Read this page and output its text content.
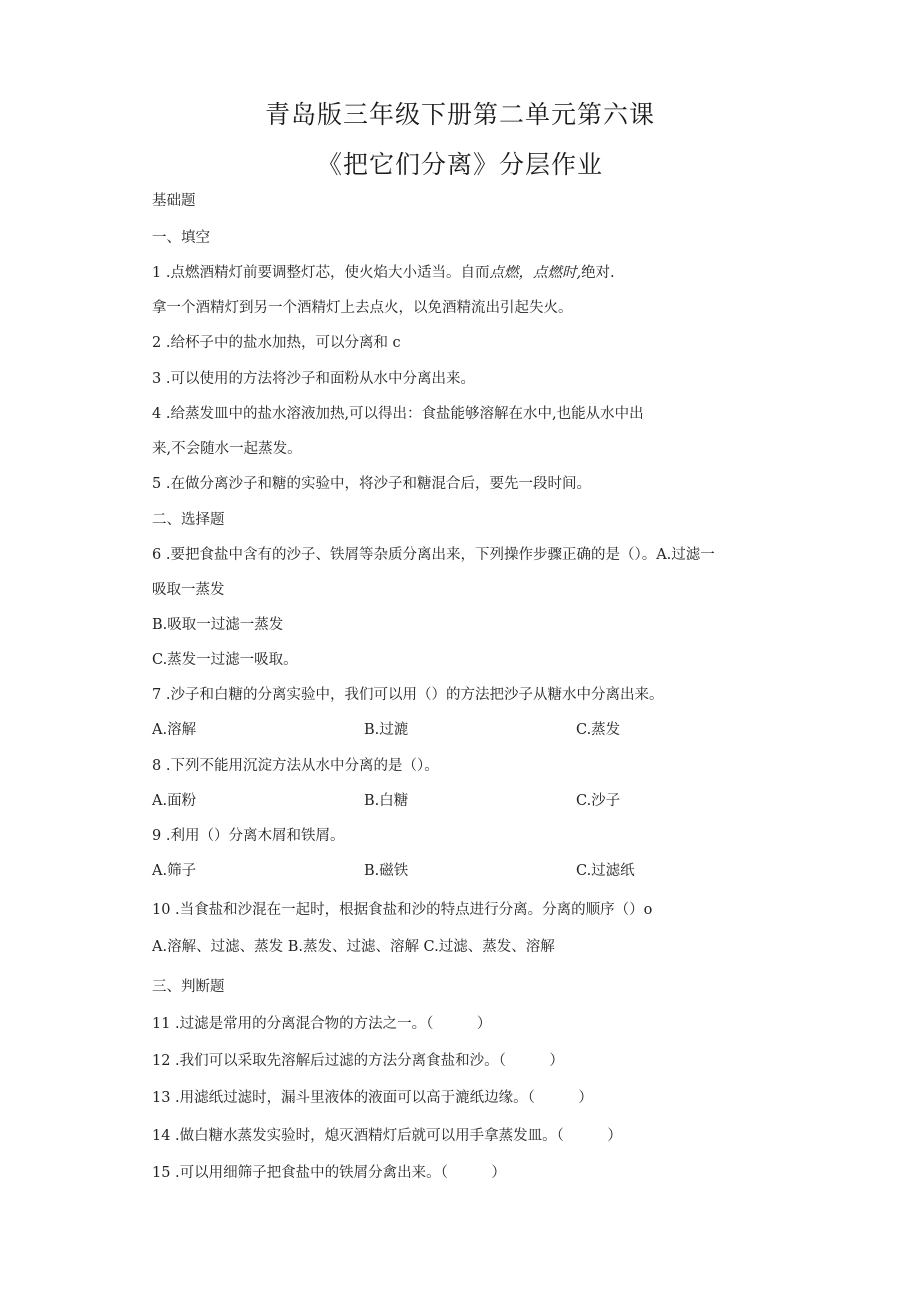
青岛版三年级下册第二单元第六课
《把它们分离》分层作业
基础题
一、填空
1 .点燃酒精灯前要调整灯芯，使火焰大小适当。自而点燃，点燃时,绝对.
拿一个酒精灯到另一个酒精灯上去点火，以免酒精流出引起失火。
2 .给杯子中的盐水加热，可以分离和 c
3 .可以使用的方法将沙子和面粉从水中分离出来。
4 .给蒸发皿中的盐水溶液加热,可以得出：食盐能够溶解在水中,也能从水中出
来,不会随水一起蒸发。
5 .在做分离沙子和糖的实验中，将沙子和糖混合后，要先一段时间。
二、选择题
6 .要把食盐中含有的沙子、铁屑等杂质分离出来，下列操作步骤正确的是（）。A.过滤一
吸取一蒸发
B.吸取一过滤一蒸发
C.蒸发一过滤一吸取。
7 .沙子和白糖的分离实验中，我们可以用（）的方法把沙子从糖水中分离出来。
A.溶解	B.过漉	C.蒸发
8 .下列不能用沉淀方法从水中分离的是（）。
A.面粉	B.白糖	C.沙子
9 .利用（）分离木屑和铁屑。
A.筛子	B.磁铁	C.过滤纸
10 .当食盐和沙混在一起时，根据食盐和沙的特点进行分离。分离的顺序（）o
A.溶解、过滤、蒸发 B.蒸发、过滤、溶解 C.过滤、蒸发、溶解
三、判断题
11 .过滤是常用的分离混合物的方法之一。（　　　）
12 .我们可以采取先溶解后过滤的方法分离食盐和沙。（　　　）
13 .用滤纸过滤时，漏斗里液体的液面可以高于漉纸边缘。（　　　）
14 .做白糖水蒸发实验时，熄灭酒精灯后就可以用手拿蒸发皿。（　　　）
15 .可以用细筛子把食盐中的铁屑分禽出来。（　　　）
